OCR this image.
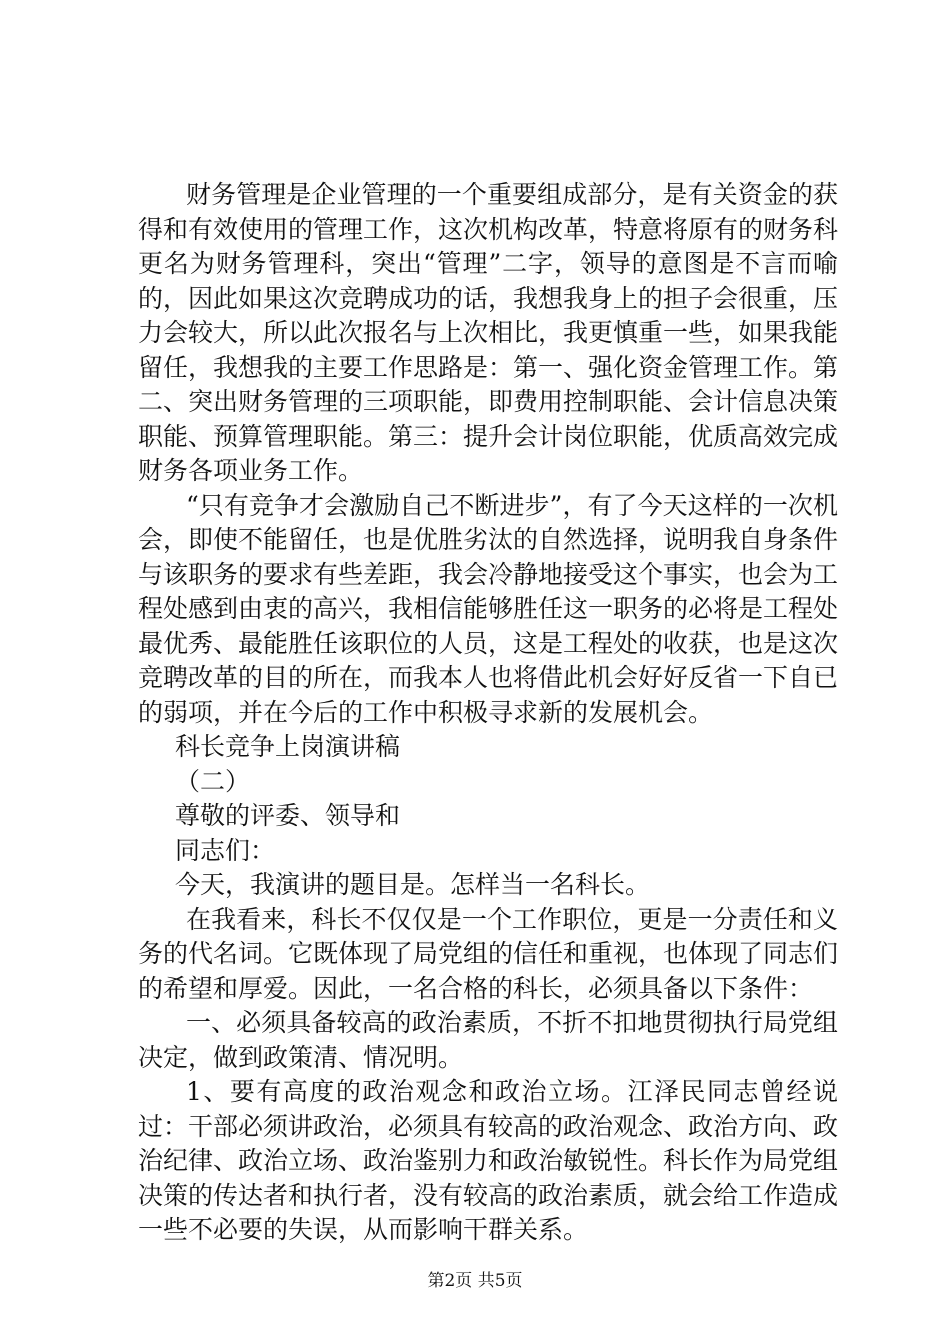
财务管理是企业管理的一个重要组成部分，是有关资金的获得和有效使用的管理工作，这次机构改革，特意将原有的财务科更名为财务管理科，突出“管理”二字，领导的意图是不言而喻的，因此如果这次竞聘成功的话，我想我身上的担子会很重，压力会较大，所以此次报名与上次相比，我更慎重一些，如果我能留任，我想我的主要工作思路是：第一、强化资金管理工作。第二、突出财务管理的三项职能，即费用控制职能、会计信息决策职能、预算管理职能。第三：提升会计岗位职能，优质高效完成财务各项业务工作。

“只有竞争才会激励自己不断进步”，有了今天这样的一次机会，即使不能留任，也是优胜劣汰的自然选择，说明我自身条件与该职务的要求有些差距，我会冷静地接受这个事实，也会为工程处感到由衷的高兴，我相信能够胜任这一职务的必将是工程处最优秀、最能胜任该职位的人员，这是工程处的收获，也是这次竞聘改革的目的所在，而我本人也将借此机会好好反省一下自已的弱项，并在今后的工作中积极寻求新的发展机会。

科长竞争上岗演讲稿

（二）

尊敬的评委、领导和

同志们：

今天，我演讲的题目是。怎样当一名科长。

在我看来，科长不仅仅是一个工作职位，更是一分责任和义务的代名词。它既体现了局党组的信任和重视，也体现了同志们的希望和厚爱。因此，一名合格的科长，必须具备以下条件：

一、必须具备较高的政治素质，不折不扣地贯彻执行局党组决定，做到政策清、情况明。

1、要有高度的政治观念和政治立场。江泽民同志曾经说过：干部必须讲政治，必须具有较高的政治观念、政治方向、政治纪律、政治立场、政治鉴别力和政治敏锐性。科长作为局党组决策的传达者和执行者，没有较高的政治素质，就会给工作造成一些不必要的失误，从而影响干群关系。

第2页 共5页
